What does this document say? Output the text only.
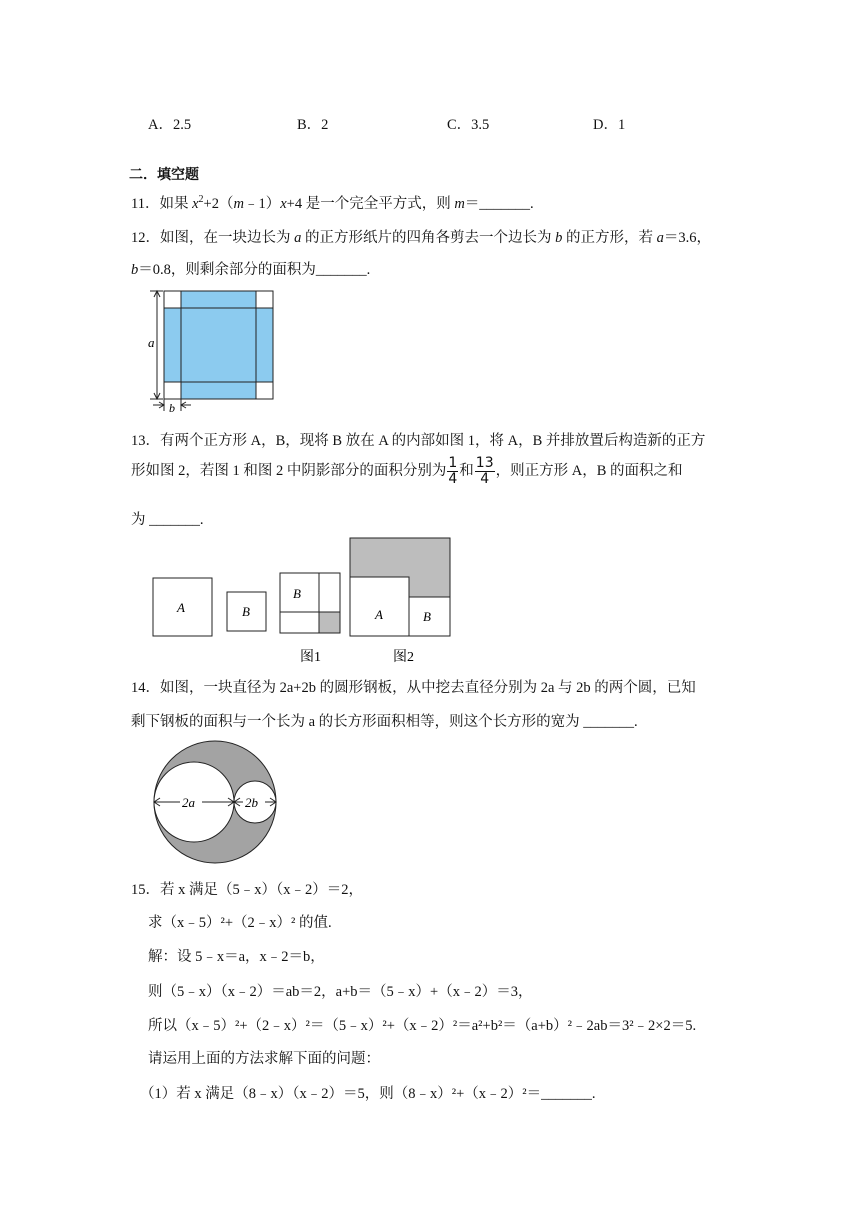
A．2.5	B．2	C．3.5	D．1
二．填空题
11．如果 $x^2+2(m﹣1)x+4$ 是一个完全平方式，则 m＝_______.
12．如图，在一块边长为 a 的正方形纸片的四角各剪去一个边长为 b 的正方形，若 a＝3.6，
b＝0.8，则剩余部分的面积为_______.
a
b
13．有两个正方形 A，B，现将 B 放在 A 的内部如图 1，将 A，B 并排放置后构造新的正方
形如图 2，若图 1 和图 2 中阴影部分的面积分别为 $\frac{1}{4}$ 和 $\frac{13}{4}$ ，则正方形 A，B 的面积之和
为 _______.
A	B
B
图1
A	B
图2
14．如图，一块直径为 2a+2b 的圆形钢板，从中挖去直径分别为 2a 与 2b 的两个圆，已知
剩下钢板的面积与一个长为 a 的长方形面积相等，则这个长方形的宽为 _______.
2a	2b
15．若 x 满足（5﹣x）（x﹣2）＝2，
求（x﹣5）²+（2﹣x）² 的值.
解：设 5﹣x＝a，x﹣2＝b，
则（5﹣x）（x﹣2）＝ab＝2，a+b＝（5﹣x）+（x﹣2）＝3，
所以（x﹣5）²+（2﹣x）²＝（5﹣x）²+（x﹣2）²＝a²+b²＝（a+b）²﹣2ab＝3²﹣2×2＝5.
请运用上面的方法求解下面的问题：
（1）若 x 满足（8﹣x）（x﹣2）＝5，则（8﹣x）²+（x﹣2）²＝_______.
